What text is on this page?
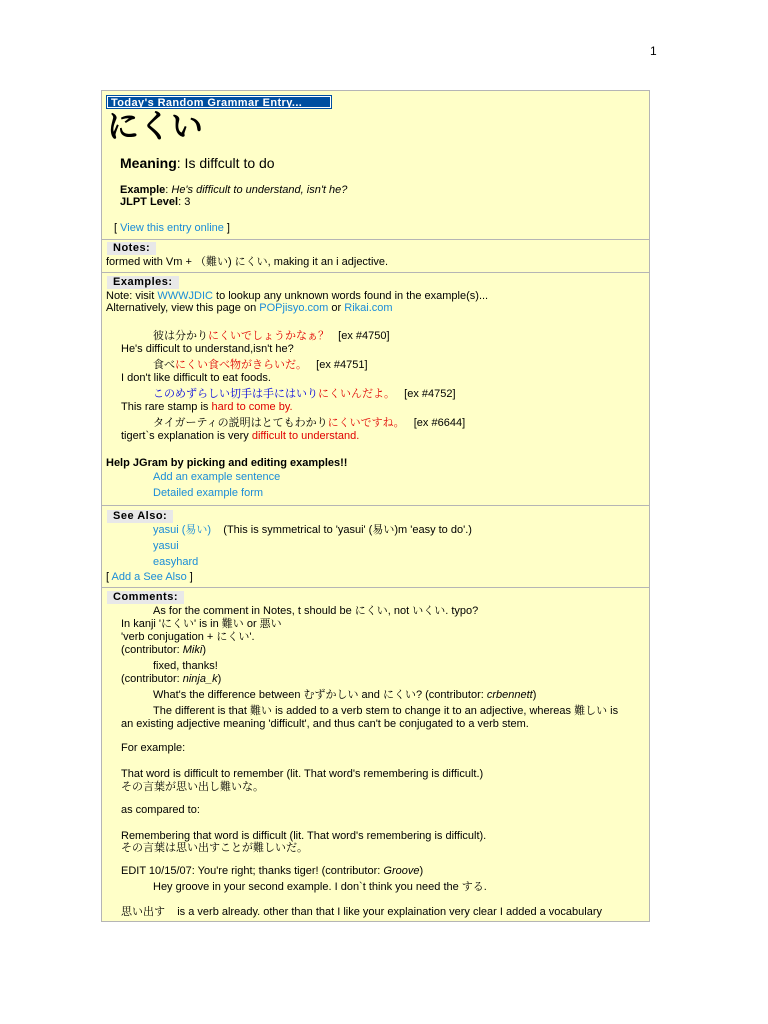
1
Today's Random Grammar Entry...
にくい
Meaning: Is diffcult to do
Example: He's difficult to understand, isn't he?
JLPT Level: 3
[ View this entry online ]
Notes:
formed with Vm + （難い) にくい, making it an i adjective.
Examples:
Note: visit WWWJDIC to lookup any unknown words found in the example(s)...
Alternatively, view this page on POPjisyo.com or Rikai.com
彼は分かりにくいでしょうかなぁ？ [ex #4750]
He's difficult to understand,isn't he?
食べにくい食べ物がきらいだ。 [ex #4751]
I don't like difficult to eat foods.
このめずらしい切手は手にはいりにくいんだよ。 [ex #4752]
This rare stamp is hard to come by.
タイガーティの説明はとてもわかりにくいですね。 [ex #6644]
tigert`s explanation is very difficult to understand.
Help JGram by picking and editing examples!!
Add an example sentence
Detailed example form
See Also:
yasui (易い) (This is symmetrical to 'yasui' (易い)m 'easy to do'.)
yasui
easyhard
[ Add a See Also ]
Comments:
As for the comment in Notes, t should be にくい, not いくい. typo?
In kanji 'にくい' is in 難い or 悪い
'verb conjugation + にくい'.
(contributor: Miki)
fixed, thanks!
(contributor: ninja_k)
What's the difference between むずかしい and にくい? (contributor: crbennett)
The different is that 難い is added to a verb stem to change it to an adjective, whereas 難しい is
an existing adjective meaning 'difficult', and thus can't be conjugated to a verb stem.
For example:
That word is difficult to remember (lit. That word's remembering is difficult.)
その言葉が思い出し難いな。
as compared to:
Remembering that word is difficult (lit. That word's remembering is difficult).
その言葉は思い出すことが難しいだ。
EDIT 10/15/07: You're right; thanks tiger! (contributor: Groove)
Hey groove in your second example. I don`t think you need the する.
思い出す is a verb already. other than that I like your explaination very clear I added a vocabulary
